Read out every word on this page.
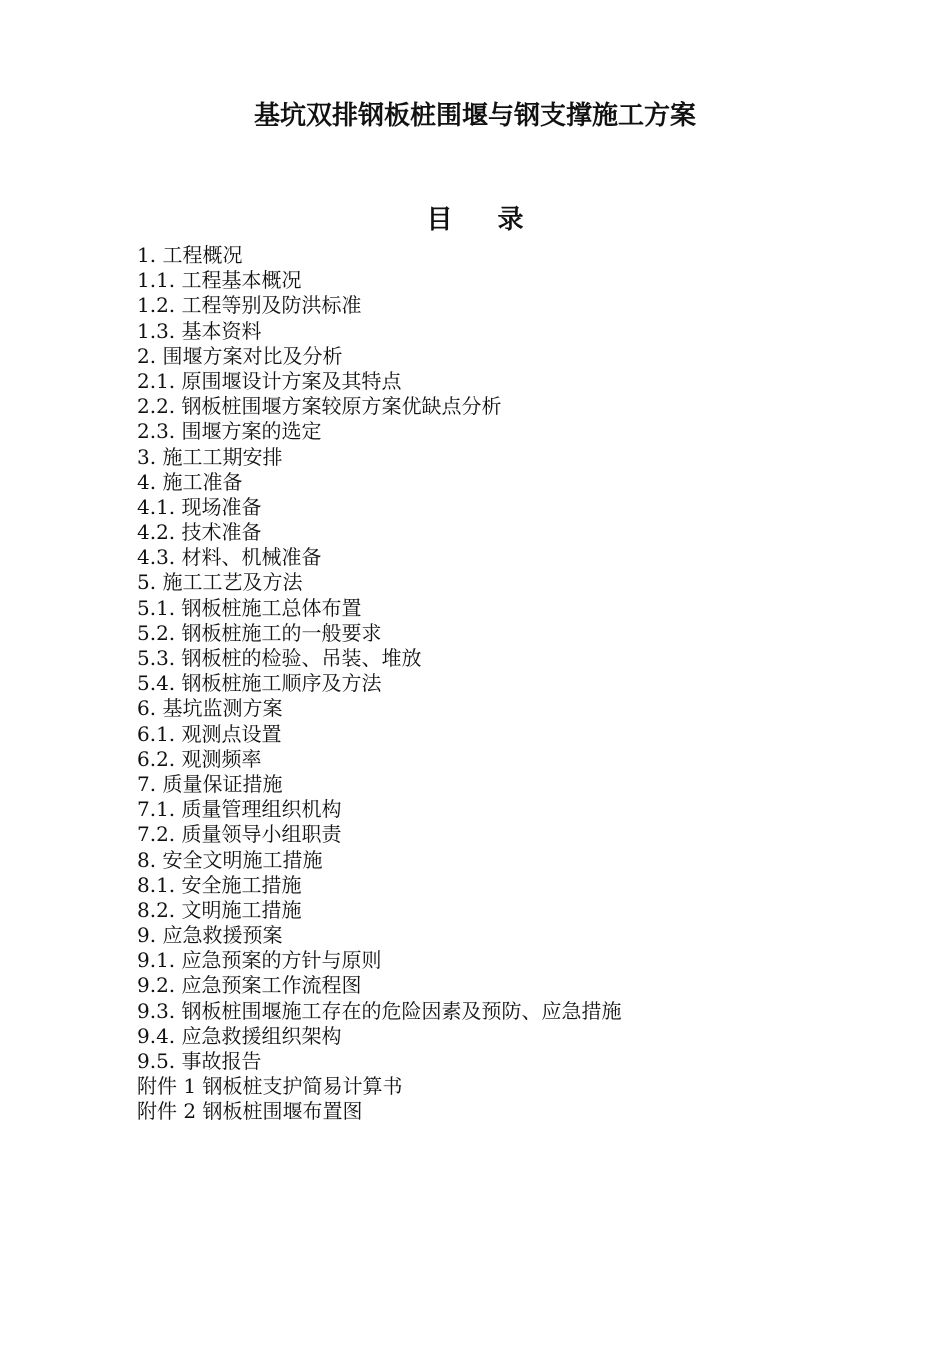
基坑双排钢板桩围堰与钢支撑施工方案
目 录
1. 工程概况
1.1. 工程基本概况
1.2. 工程等别及防洪标准
1.3. 基本资料
2. 围堰方案对比及分析
2.1. 原围堰设计方案及其特点
2.2. 钢板桩围堰方案较原方案优缺点分析
2.3. 围堰方案的选定
3. 施工工期安排
4. 施工准备
4.1. 现场准备
4.2. 技术准备
4.3. 材料、机械准备
5. 施工工艺及方法
5.1. 钢板桩施工总体布置
5.2. 钢板桩施工的一般要求
5.3. 钢板桩的检验、吊装、堆放
5.4. 钢板桩施工顺序及方法
6. 基坑监测方案
6.1. 观测点设置
6.2. 观测频率
7. 质量保证措施
7.1. 质量管理组织机构
7.2. 质量领导小组职责
8. 安全文明施工措施
8.1. 安全施工措施
8.2. 文明施工措施
9. 应急救援预案
9.1. 应急预案的方针与原则
9.2. 应急预案工作流程图
9.3. 钢板桩围堰施工存在的危险因素及预防、应急措施
9.4. 应急救援组织架构
9.5. 事故报告
附件 1 钢板桩支护简易计算书
附件 2 钢板桩围堰布置图
